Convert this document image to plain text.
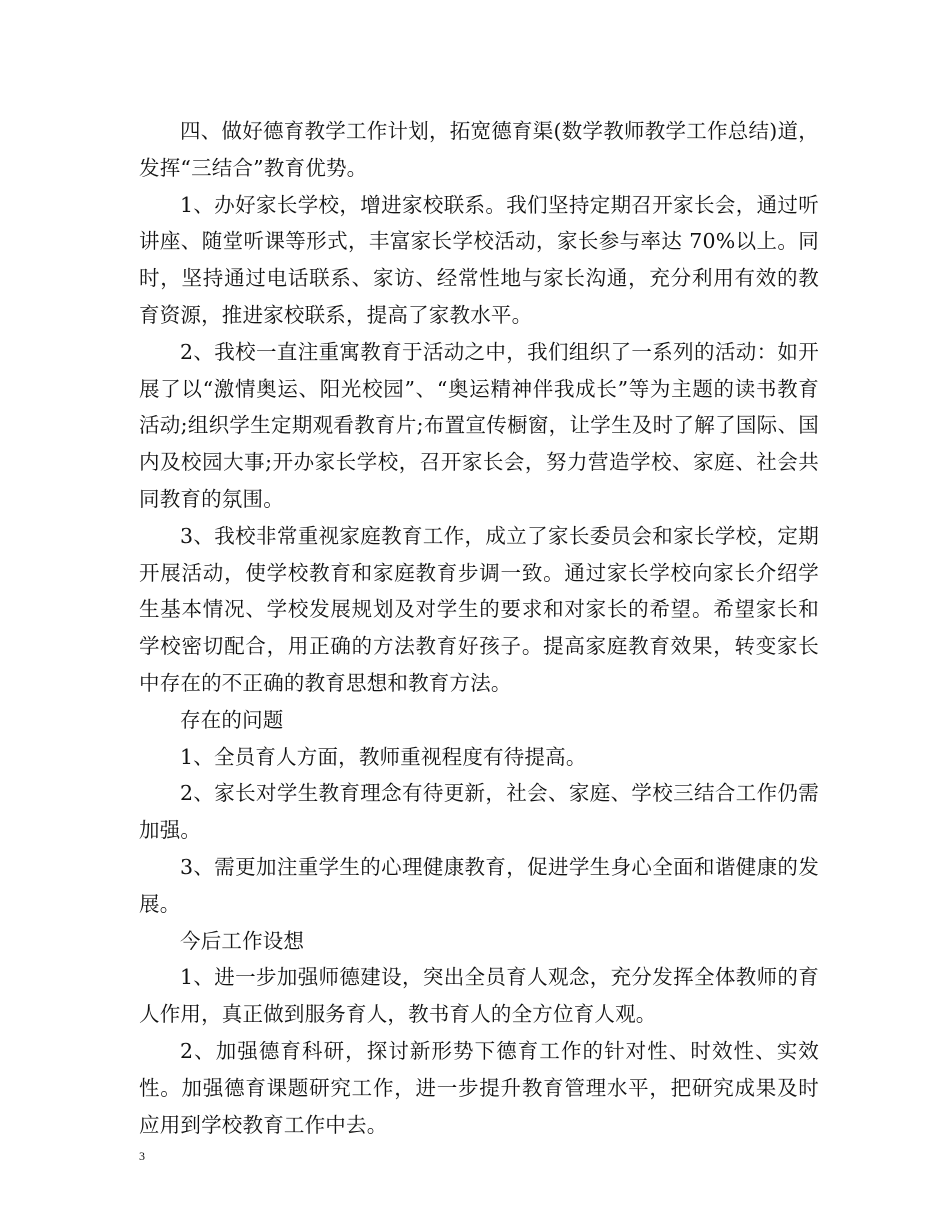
四、做好德育教学工作计划，拓宽德育渠(数学教师教学工作总结)道，发挥“三结合”教育优势。

1、办好家长学校，增进家校联系。我们坚持定期召开家长会，通过听讲座、随堂听课等形式，丰富家长学校活动，家长参与率达 70%以上。同时，坚持通过电话联系、家访、经常性地与家长沟通，充分利用有效的教育资源，推进家校联系，提高了家教水平。

2、我校一直注重寓教育于活动之中，我们组织了一系列的活动：如开展了以“激情奥运、阳光校园”、“奥运精神伴我成长”等为主题的读书教育活动;组织学生定期观看教育片;布置宣传橱窗，让学生及时了解了国际、国内及校园大事;开办家长学校，召开家长会，努力营造学校、家庭、社会共同教育的氛围。

3、我校非常重视家庭教育工作，成立了家长委员会和家长学校，定期开展活动，使学校教育和家庭教育步调一致。通过家长学校向家长介绍学生基本情况、学校发展规划及对学生的要求和对家长的希望。希望家长和学校密切配合，用正确的方法教育好孩子。提高家庭教育效果，转变家长中存在的不正确的教育思想和教育方法。

存在的问题

1、全员育人方面，教师重视程度有待提高。

2、家长对学生教育理念有待更新，社会、家庭、学校三结合工作仍需加强。

3、需更加注重学生的心理健康教育，促进学生身心全面和谐健康的发展。

今后工作设想

1、进一步加强师德建设，突出全员育人观念，充分发挥全体教师的育人作用，真正做到服务育人，教书育人的全方位育人观。

2、加强德育科研，探讨新形势下德育工作的针对性、时效性、实效性。加强德育课题研究工作，进一步提升教育管理水平，把研究成果及时应用到学校教育工作中去。

3
